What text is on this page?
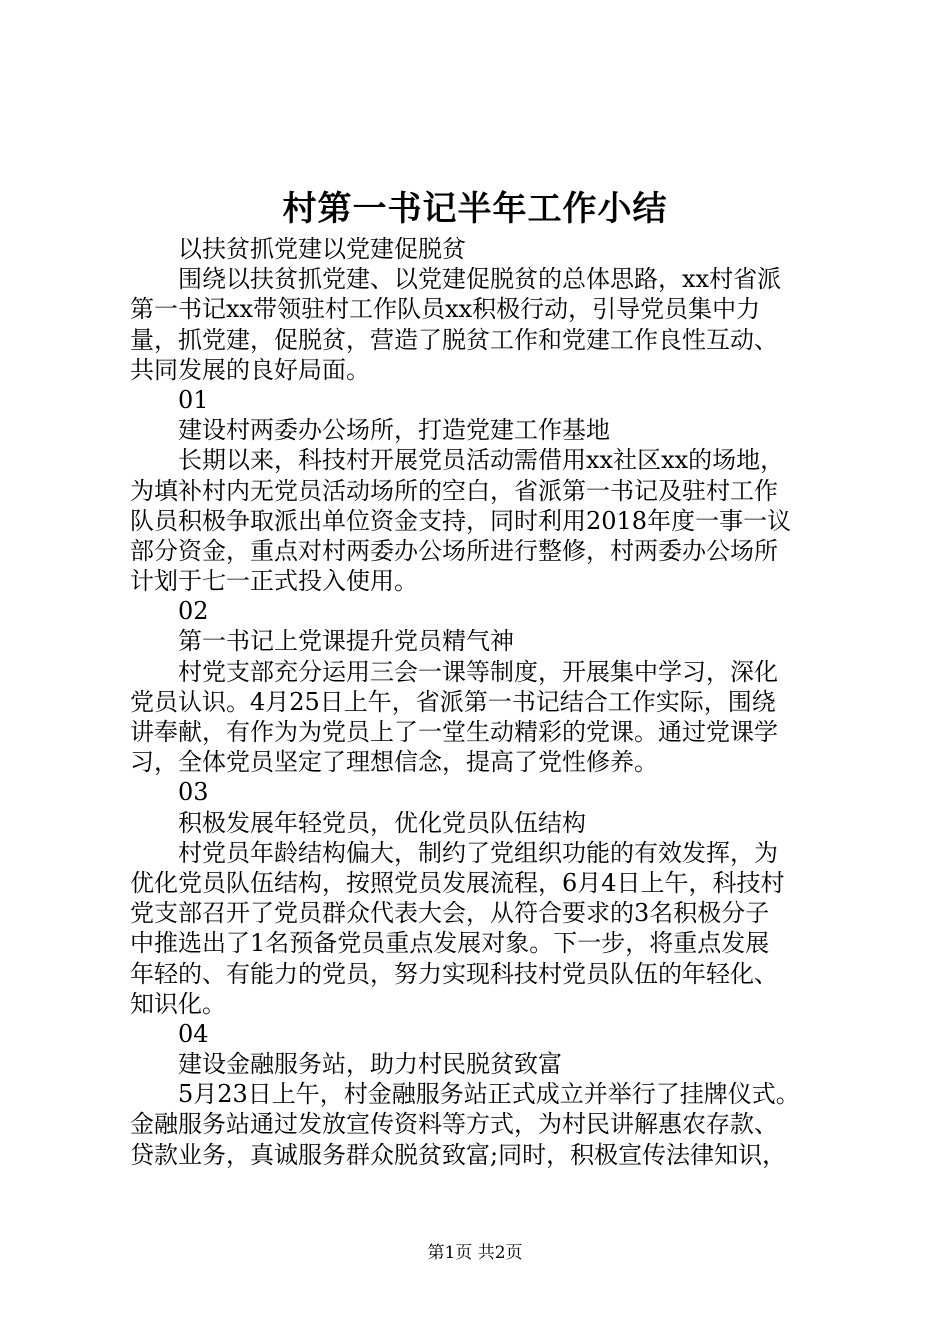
村第一书记半年工作小结
以扶贫抓党建以党建促脱贫
围绕以扶贫抓党建、以党建促脱贫的总体思路，xx村省派
第一书记xx带领驻村工作队员xx积极行动，引导党员集中力
量，抓党建，促脱贫，营造了脱贫工作和党建工作良性互动、
共同发展的良好局面。
01
建设村两委办公场所，打造党建工作基地
长期以来，科技村开展党员活动需借用xx社区xx的场地，
为填补村内无党员活动场所的空白，省派第一书记及驻村工作
队员积极争取派出单位资金支持，同时利用2018年度一事一议
部分资金，重点对村两委办公场所进行整修，村两委办公场所
计划于七一正式投入使用。
02
第一书记上党课提升党员精气神
村党支部充分运用三会一课等制度，开展集中学习，深化
党员认识。4月25日上午，省派第一书记结合工作实际，围绕
讲奉献，有作为为党员上了一堂生动精彩的党课。通过党课学
习，全体党员坚定了理想信念，提高了党性修养。
03
积极发展年轻党员，优化党员队伍结构
村党员年龄结构偏大，制约了党组织功能的有效发挥，为
优化党员队伍结构，按照党员发展流程，6月4日上午，科技村
党支部召开了党员群众代表大会，从符合要求的3名积极分子
中推选出了1名预备党员重点发展对象。下一步，将重点发展
年轻的、有能力的党员，努力实现科技村党员队伍的年轻化、
知识化。
04
建设金融服务站，助力村民脱贫致富
5月23日上午，村金融服务站正式成立并举行了挂牌仪式。
金融服务站通过发放宣传资料等方式，为村民讲解惠农存款、
贷款业务，真诚服务群众脱贫致富;同时，积极宣传法律知识，
第1页 共2页
